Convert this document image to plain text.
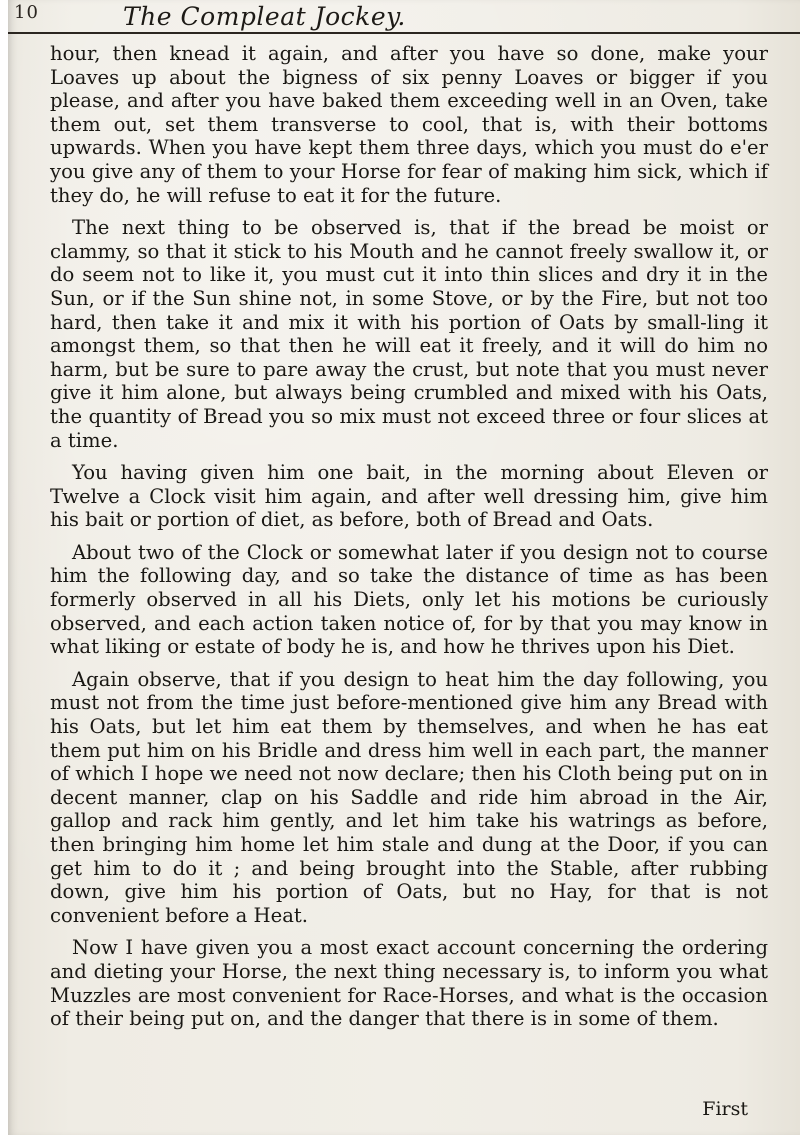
10	The Compleat Jockey.

hour, then knead it again, and after you have so done, make your Loaves up about the bigness of six penny Loaves or bigger if you please, and after you have baked them exceeding well in an Oven, take them out, set them transverse to cool, that is, with their bottoms upwards. When you have kept them three days, which you must do e'er you give any of them to your Horse for fear of making him sick, which if they do, he will refuse to eat it for the future.

The next thing to be observed is, that if the bread be moist or clammy, so that it stick to his Mouth and he cannot freely swallow it, or do seem not to like it, you must cut it into thin slices and dry it in the Sun, or if the Sun shine not, in some Stove, or by the Fire, but not too hard, then take it and mix it with his portion of Oats by small-ling it amongst them, so that then he will eat it freely, and it will do him no harm, but be sure to pare away the crust, but note that you must never give it him alone, but always being crumbled and mixed with his Oats, the quantity of Bread you so mix must not exceed three or four slices at a time.

You having given him one bait, in the morning about Eleven or Twelve a Clock visit him again, and after well dressing him, give him his bait or portion of diet, as before, both of Bread and Oats.

About two of the Clock or somewhat later if you design not to course him the following day, and so take the distance of time as has been formerly observed in all his Diets, only let his motions be curiously observed, and each action taken notice of, for by that you may know in what liking or estate of body he is, and how he thrives upon his Diet.

Again observe, that if you design to heat him the day following, you must not from the time just before-mentioned give him any Bread with his Oats, but let him eat them by themselves, and when he has eat them put him on his Bridle and dress him well in each part, the manner of which I hope we need not now declare; then his Cloth being put on in decent manner, clap on his Saddle and ride him abroad in the Air, gallop and rack him gently, and let him take his watrings as before, then bringing him home let him stale and dung at the Door, if you can get him to do it ; and being brought into the Stable, after rubbing down, give him his portion of Oats, but no Hay, for that is not convenient before a Heat.

Now I have given you a most exact account concerning the ordering and dieting your Horse, the next thing necessary is, to inform you what Muzzles are most convenient for Race-Horses, and what is the occasion of their being put on, and the danger that there is in some of them.

First
